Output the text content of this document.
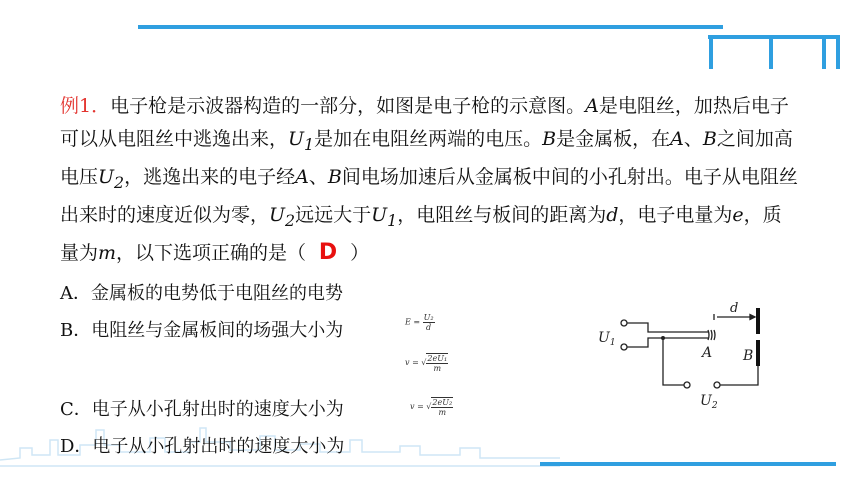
例1．电子枪是示波器构造的一部分，如图是电子枪的示意图。A是电阻丝，加热后电子可以从电阻丝中逃逸出来，$U_1$是加在电阻丝两端的电压。B是金属板，在A、B之间加高电压$U_2$，逃逸出来的电子经A、B间电场加速后从金属板中间的小孔射出。电子从电阻丝出来时的速度近似为零，$U_2$远远大于$U_1$，电阻丝与板间的距离为d，电子电量为e，质量为m，以下选项正确的是（ D ）
A．金属板的电势低于电阻丝的电势
B．电阻丝与金属板间的场强大小为
C．电子从小孔射出时的速度大小为
D．电子从小孔射出时的速度大小为
$E = \frac{\text{U₂}}{d}$
v = √ $\frac{\text{2eU₁}}{m}$
v = √ $\frac{\text{2eU₂}}{m}$
d
$U_1$
A B
$U_2$
